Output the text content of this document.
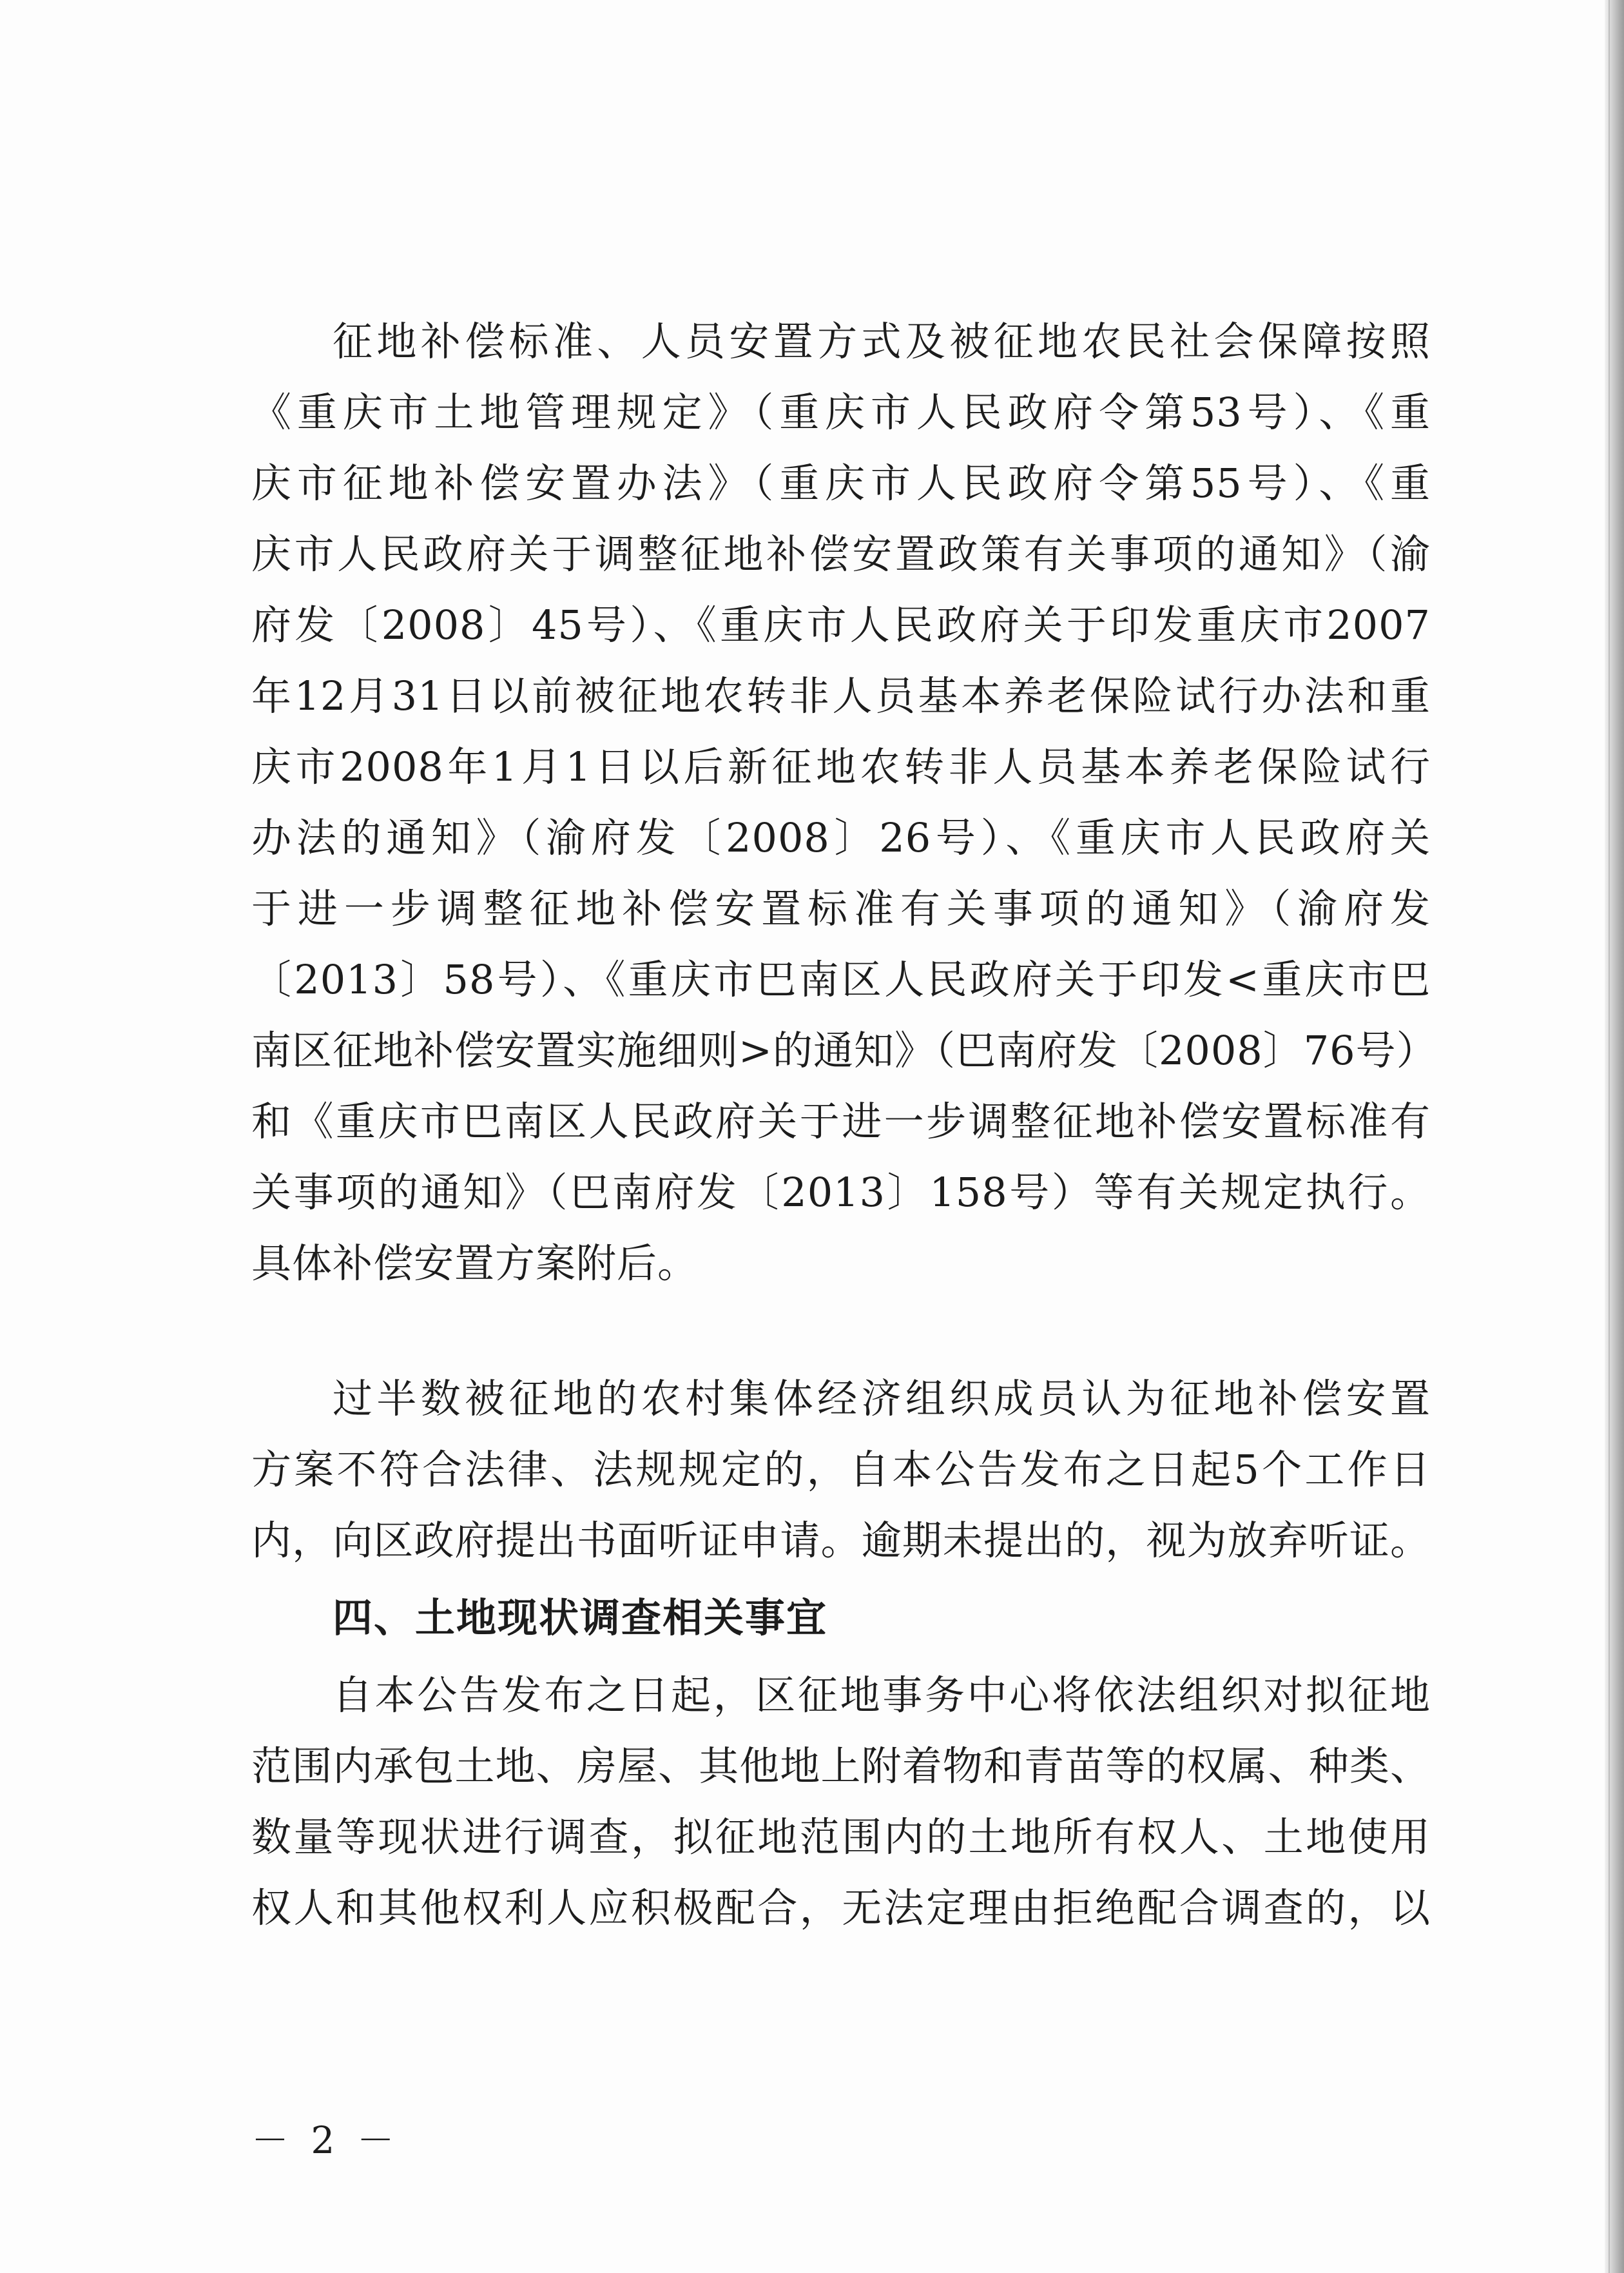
征地补偿标准、人员安置方式及被征地农民社会保障按照
《重庆市土地管理规定》（重庆市人民政府令第53号）、《重
庆市征地补偿安置办法》（重庆市人民政府令第55号）、《重
庆市人民政府关于调整征地补偿安置政策有关事项的通知》（渝
府发〔2008〕45号）、《重庆市人民政府关于印发重庆市2007
年12月31日以前被征地农转非人员基本养老保险试行办法和重
庆市2008年1月1日以后新征地农转非人员基本养老保险试行
办法的通知》（渝府发〔2008〕26号）、《重庆市人民政府关
于进一步调整征地补偿安置标准有关事项的通知》（渝府发
〔2013〕58号）、《重庆市巴南区人民政府关于印发<重庆市巴
南区征地补偿安置实施细则>的通知》（巴南府发〔2008〕76号）
和《重庆市巴南区人民政府关于进一步调整征地补偿安置标准有
关事项的通知》（巴南府发〔2013〕158号）等有关规定执行。
具体补偿安置方案附后。
过半数被征地的农村集体经济组织成员认为征地补偿安置
方案不符合法律、法规规定的，自本公告发布之日起5个工作日
内，向区政府提出书面听证申请。逾期未提出的，视为放弃听证。
四、土地现状调查相关事宜
自本公告发布之日起，区征地事务中心将依法组织对拟征地
范围内承包土地、房屋、其他地上附着物和青苗等的权属、种类、
数量等现状进行调查，拟征地范围内的土地所有权人、土地使用
权人和其他权利人应积极配合，无法定理由拒绝配合调查的，以
－ 2 －
